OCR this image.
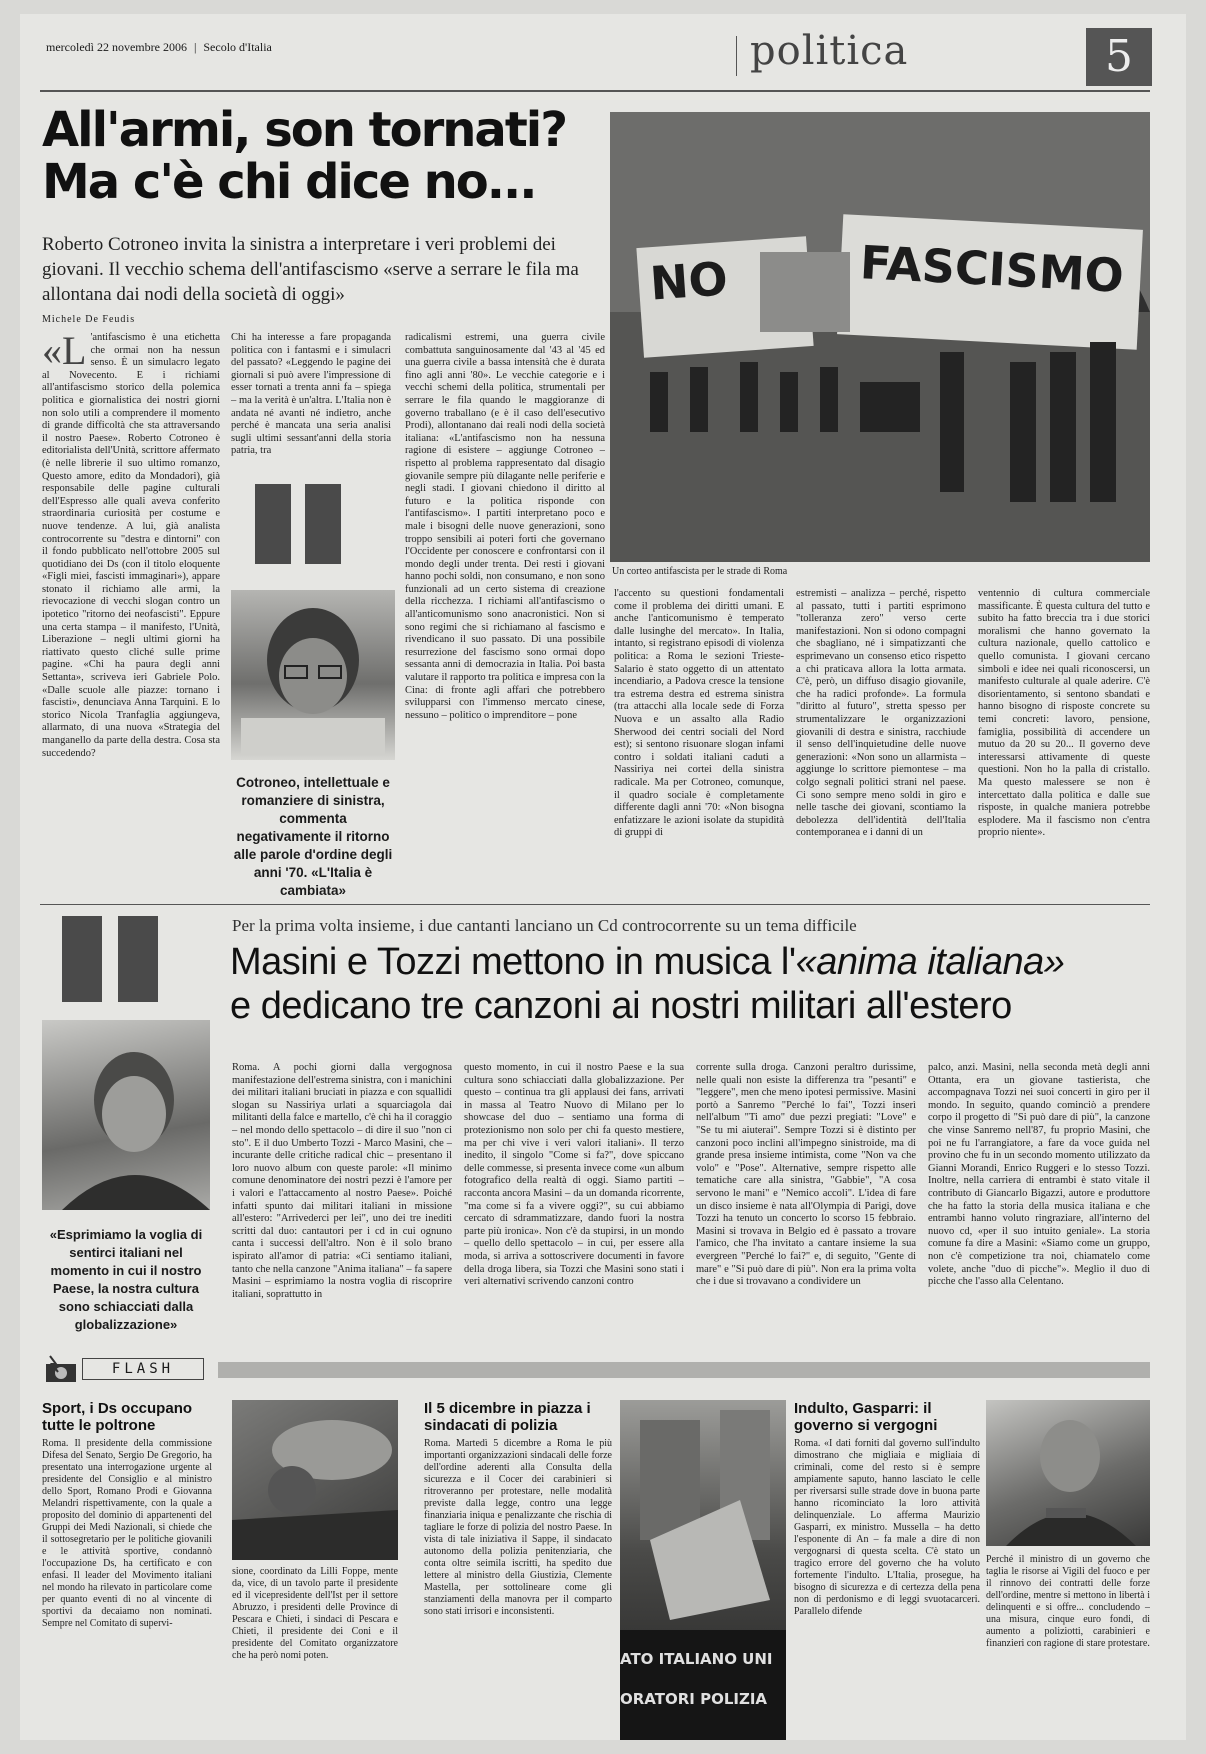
mercoledì 22 novembre 2006 | Secolo d'Italia	politica	5
All'armi, son tornati?
Ma c'è chi dice no...
Roberto Cotroneo invita la sinistra a interpretare i veri problemi dei giovani. Il vecchio schema dell'antifascismo «serve a serrare le fila ma allontana dai nodi della società di oggi»
Michele De Feudis
NO	FASCISMO
Un corteo antifascista per le strade di Roma
«L 'antifascismo è una etichetta che ormai non ha nessun senso. È un simulacro legato al Novecento. E i richiami all'antifascismo storico della polemica politica e giornalistica dei nostri giorni non solo utili a comprendere il momento di grande difficoltà che sta attraversando il nostro Paese». Roberto Cotroneo è editorialista dell'Unità, scrittore affermato (è nelle librerie il suo ultimo romanzo, Questo amore, edito da Mondadori), già responsabile delle pagine culturali dell'Espresso alle quali aveva conferito straordinaria curiosità per costume e nuove tendenze. A lui, già analista controcorrente su "destra e dintorni" con il fondo pubblicato nell'ottobre 2005 sul quotidiano dei Ds (con il titolo eloquente «Figli miei, fascisti immaginari»), appare stonato il richiamo alle armi, la rievocazione di vecchi slogan contro un ipotetico "ritorno dei neofascisti". Eppure una certa stampa – il manifesto, l'Unità, Liberazione – negli ultimi giorni ha riattivato questo cliché sulle prime pagine. «Chi ha paura degli anni Settanta», scriveva ieri Gabriele Polo. «Dalle scuole alle piazze: tornano i fascisti», denunciava Anna Tarquini. E lo storico Nicola Tranfaglia aggiungeva, allarmato, di una nuova «Strategia del manganello da parte della destra. Cosa sta succedendo?
Chi ha interesse a fare propaganda politica con i fantasmi e i simulacri del passato? «Leggendo le pagine dei giornali si può avere l'impressione di esser tornati a trenta anni fa – spiega – ma la verità è un'altra. L'Italia non è andata né avanti né indietro, anche perché è mancata una seria analisi sugli ultimi sessant'anni della storia patria, tra
Cotroneo, intellettuale e romanziere di sinistra, commenta negativamente il ritorno alle parole d'ordine degli anni '70. «L'Italia è cambiata»
radicalismi estremi, una guerra civile combattuta sanguinosamente dal '43 al '45 ed una guerra civile a bassa intensità che è durata fino agli anni '80». Le vecchie categorie e i vecchi schemi della politica, strumentali per serrare le fila quando le maggioranze di governo traballano (e è il caso dell'esecutivo Prodi), allontanano dai reali nodi della società italiana: «L'antifascismo non ha nessuna ragione di esistere – aggiunge Cotroneo – rispetto al problema rappresentato dal disagio giovanile sempre più dilagante nelle periferie e negli stadi. I giovani chiedono il diritto al futuro e la politica risponde con l'antifascismo». I partiti interpretano poco e male i bisogni delle nuove generazioni, sono troppo sensibili ai poteri forti che governano l'Occidente per conoscere e confrontarsi con il mondo degli under trenta. Dei resti i giovani hanno pochi soldi, non consumano, e non sono funzionali ad un certo sistema di creazione della ricchezza. I richiami all'antifascismo o all'anticomunismo sono anacronistici. Non si sono regimi che si richiamano al fascismo e rivendicano il suo passato. Di una possibile resurrezione del fascismo sono ormai dopo sessanta anni di democrazia in Italia. Poi basta valutare il rapporto tra politica e impresa con la Cina: di fronte agli affari che potrebbero svilupparsi con l'immenso mercato cinese, nessuno – politico o imprenditore – pone
l'accento su questioni fondamentali come il problema dei diritti umani. E anche l'anticomunismo è temperato dalle lusinghe del mercato». In Italia, intanto, si registrano episodi di violenza politica: a Roma le sezioni Trieste-Salario è stato oggetto di un attentato incendiario, a Padova cresce la tensione tra estrema destra ed estrema sinistra (tra attacchi alla locale sede di Forza Nuova e un assalto alla Radio Sherwood dei centri sociali del Nord est); si sentono risuonare slogan infami contro i soldati italiani caduti a Nassiriya nei cortei della sinistra radicale. Ma per Cotroneo, comunque, il quadro sociale è completamente differente dagli anni '70: «Non bisogna enfatizzare le azioni isolate da stupidità di gruppi di
estremisti – analizza – perché, rispetto al passato, tutti i partiti esprimono "tolleranza zero" verso certe manifestazioni. Non si odono compagni che sbagliano, né i simpatizzanti che esprimevano un consenso etico rispetto a chi praticava allora la lotta armata. C'è, però, un diffuso disagio giovanile, che ha radici profonde». La formula "diritto al futuro", stretta spesso per strumentalizzare le organizzazioni giovanili di destra e sinistra, racchiude il senso dell'inquietudine delle nuove generazioni: «Non sono un allarmista – aggiunge lo scrittore piemontese – ma colgo segnali politici strani nel paese. Ci sono sempre meno soldi in giro e nelle tasche dei giovani, scontiamo la debolezza dell'identità dell'Italia contemporanea e i danni di un
ventennio di cultura commerciale massificante. È questa cultura del tutto e subito ha fatto breccia tra i due storici moralismi che hanno governato la cultura nazionale, quello cattolico e quello comunista. I giovani cercano simboli e idee nei quali riconoscersi, un manifesto culturale al quale aderire. C'è disorientamento, si sentono sbandati e hanno bisogno di risposte concrete su temi concreti: lavoro, pensione, famiglia, possibilità di accendere un mutuo da 20 su 20... Il governo deve interessarsi attivamente di queste questioni. Non ho la palla di cristallo. Ma questo malessere se non è intercettato dalla politica e dalle sue risposte, in qualche maniera potrebbe esplodere. Ma il fascismo non c'entra proprio niente».
Per la prima volta insieme, i due cantanti lanciano un Cd controcorrente su un tema difficile
Masini e Tozzi mettono in musica l'«anima italiana»
e dedicano tre canzoni ai nostri militari all'estero
«Esprimiamo la voglia di sentirci italiani nel momento in cui il nostro Paese, la nostra cultura sono schiacciati dalla globalizzazione»
Roma. A pochi giorni dalla vergognosa manifestazione dell'estrema sinistra, con i manichini dei militari italiani bruciati in piazza e con squallidi slogan su Nassiriya urlati a squarciagola dai militanti della falce e martello, c'è chi ha il coraggio – nel mondo dello spettacolo – di dire il suo "non ci sto". E il duo Umberto Tozzi - Marco Masini, che – incurante delle critiche radical chic – presentano il loro nuovo album con queste parole: «Il minimo comune denominatore dei nostri pezzi è l'amore per i valori e l'attaccamento al nostro Paese». Poiché infatti spunto dai militari italiani in missione all'estero: "Arrivederci per lei", uno dei tre inediti scritti dal duo: cantautori per i cd in cui ognuno canta i successi dell'altro. Non è il solo brano ispirato all'amor di patria: «Ci sentiamo italiani, tanto che nella canzone "Anima italiana" – fa sapere Masini – esprimiamo la nostra voglia di riscoprire italiani, soprattutto in
questo momento, in cui il nostro Paese e la sua cultura sono schiacciati dalla globalizzazione. Per questo – continua tra gli applausi dei fans, arrivati in massa al Teatro Nuovo di Milano per lo showcase del duo – sentiamo una forma di protezionismo non solo per chi fa questo mestiere, ma per chi vive i veri valori italiani». Il terzo inedito, il singolo "Come si fa?", dove spiccano delle commesse, si presenta invece come «un album fotografico della realtà di oggi. Siamo partiti – racconta ancora Masini – da un domanda ricorrente, "ma come si fa a vivere oggi?", su cui abbiamo cercato di sdrammatizzare, dando fuori la nostra parte più ironica». Non c'è da stupirsi, in un mondo – quello dello spettacolo – in cui, per essere alla moda, si arriva a sottoscrivere documenti in favore della droga libera, sia Tozzi che Masini sono stati i veri alternativi scrivendo canzoni contro
corrente sulla droga. Canzoni peraltro durissime, nelle quali non esiste la differenza tra "pesanti" e "leggere", men che meno ipotesi permissive. Masini portò a Sanremo "Perché lo fai", Tozzi inserì nell'album "Ti amo" due pezzi pregiati: "Love" e "Se tu mi aiuterai". Sempre Tozzi si è distinto per canzoni poco inclini all'impegno sinistroide, ma di grande presa insieme intimista, come "Non va che volo" e "Pose". Alternative, sempre rispetto alle tematiche care alla sinistra, "Gabbie", "A cosa servono le mani" e "Nemico accoli". L'idea di fare un disco insieme è nata all'Olympia di Parigi, dove Tozzi ha tenuto un concerto lo scorso 15 febbraio. Masini si trovava in Belgio ed è passato a trovare l'amico, che l'ha invitato a cantare insieme la sua evergreen "Perché lo fai?" e, di seguito, "Gente di mare" e "Si può dare di più". Non era la prima volta che i due si trovavano a condividere un
palco, anzi. Masini, nella seconda metà degli anni Ottanta, era un giovane tastierista, che accompagnava Tozzi nei suoi concerti in giro per il mondo. In seguito, quando cominciò a prendere corpo il progetto di "Si può dare di più", la canzone che vinse Sanremo nell'87, fu proprio Masini, che poi ne fu l'arrangiatore, a fare da voce guida nel provino che fu in un secondo momento utilizzato da Gianni Morandi, Enrico Ruggeri e lo stesso Tozzi. Inoltre, nella carriera di entrambi è stato vitale il contributo di Giancarlo Bigazzi, autore e produttore che ha fatto la storia della musica italiana e che entrambi hanno voluto ringraziare, all'interno del nuovo cd, «per il suo intuito geniale». La storia comune fa dire a Masini: «Siamo come un gruppo, non c'è competizione tra noi, chiamatelo come volete, anche "duo di picche"». Meglio il duo di picche che l'asso alla Celentano.
FLASH
Sport, i Ds occupano tutte le poltrone
Roma. Il presidente della commissione Difesa del Senato, Sergio De Gregorio, ha presentato una interrogazione urgente al presidente del Consiglio e al ministro dello Sport, Romano Prodi e Giovanna Melandri rispettivamente, con la quale a proposito del dominio di appartenenti del Gruppi dei Medi Nazionali, si chiede che il sottosegretario per le politiche giovanili e le attività sportive, condannò l'occupazione Ds, ha certificato e con enfasi. Il leader del Movimento italiani nel mondo ha rilevato in particolare come per quanto eventi di no al vincente di sportivi da decaiamo non nominati. Sempre nel Comitato di supervi-
sione, coordinato da Lilli Foppe, mente da, vice, di un tavolo parte il presidente ed il vicepresidente dell'Ist per il settore Abruzzo, i presidenti delle Province di Pescara e Chieti, i sindaci di Pescara e Chieti, il presidente dei Coni e il presidente del Comitato organizzatore che ha però nomi poten.
Il 5 dicembre in piazza i sindacati di polizia
Roma. Martedì 5 dicembre a Roma le più importanti organizzazioni sindacali delle forze dell'ordine aderenti alla Consulta della sicurezza e il Cocer dei carabinieri si ritroveranno per protestare, nelle modalità previste dalla legge, contro una legge finanziaria iniqua e penalizzante che rischia di tagliare le forze di polizia del nostro Paese. In vista di tale iniziativa il Sappe, il sindacato autonomo della polizia penitenziaria, che conta oltre seimila iscritti, ha spedito due lettere al ministro della Giustizia, Clemente Mastella, per sottolineare come gli stanziamenti della manovra per il comparto sono stati irrisori e inconsistenti.
ATO ITALIANO UNI
ORATORI POLIZIA
Indulto, Gasparri: il governo si vergogni
Roma. «I dati forniti dal governo sull'indulto dimostrano che migliaia e migliaia di criminali, come del resto si è sempre ampiamente saputo, hanno lasciato le celle per riversarsi sulle strade dove in buona parte hanno ricominciato la loro attività delinquenziale. Lo afferma Maurizio Gasparri, ex ministro. Mussella – ha detto l'esponente di An – fa male a dire di non vergognarsi di questa scelta. C'è stato un tragico errore del governo che ha voluto fortemente l'indulto. L'Italia, prosegue, ha bisogno di sicurezza e di certezza della pena non di perdonismo e di leggi svuotacarceri. Parallelo difende
Perché il ministro di un governo che taglia le risorse ai Vigili del fuoco e per il rinnovo dei contratti delle forze dell'ordine, mentre si mettono in libertà i delinquenti e si offre... concludendo – una misura, cinque euro fondi, di aumento a poliziotti, carabinieri e finanzieri con ragione di stare protestare.
